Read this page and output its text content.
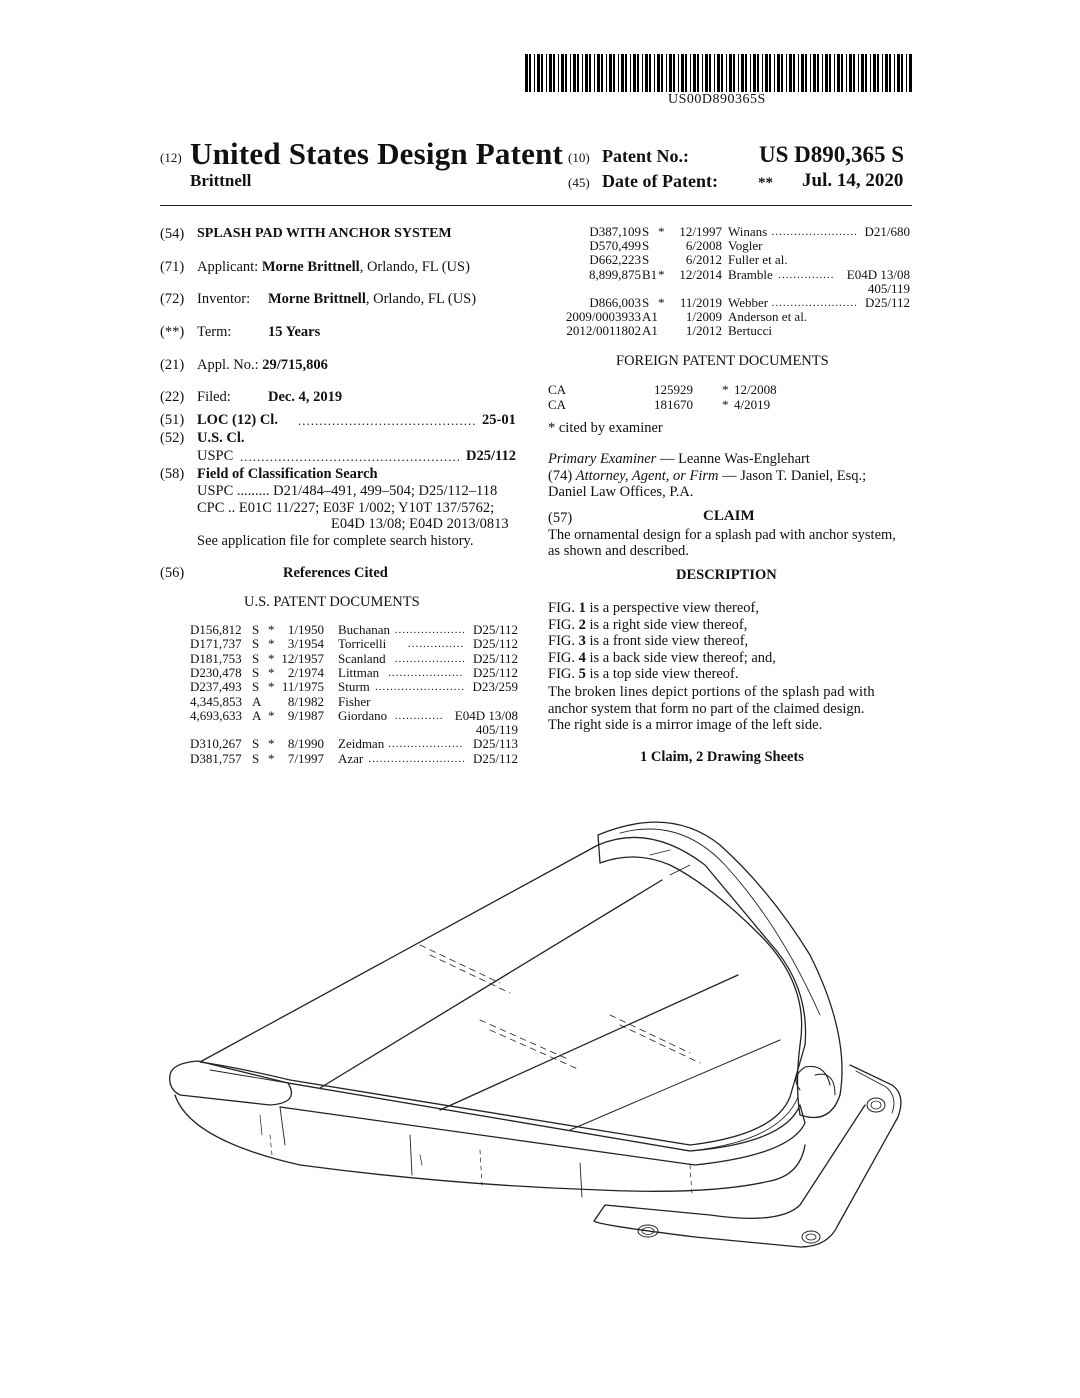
US00D890365S
(12) United States Design Patent
Brittnell
(10) Patent No.:	US D890,365 S
(45) Date of Patent:	** Jul. 14, 2020
(54) SPLASH PAD WITH ANCHOR SYSTEM
(71) Applicant: Morne Brittnell, Orlando, FL (US)
(72) Inventor: Morne Brittnell, Orlando, FL (US)
(**) Term:	15 Years
(21) Appl. No.: 29/715,806
(22) Filed:	Dec. 4, 2019
(51) LOC (12) Cl. .....	25-01
(52) U.S. Cl.
USPC .....	D25/112
(58) Field of Classification Search
USPC ......... D21/484–491, 499–504; D25/112–118
CPC .. E01C 11/227; E03F 1/002; Y10T 137/5762;
E04D 13/08; E04D 2013/0813
See application file for complete search history.
(56)	References Cited
U.S. PATENT DOCUMENTS
D156,812 S * 1/1950 Buchanan	D25/112
.....
D171,737 S * 3/1954 Torricelli	D25/112
.....
D181,753 S * 12/1957 Scanland	D25/112
.....
D230,478 S * 2/1974 Littman	D25/112
.....
D237,493 S * 11/1975 Sturm	D23/259
.....
4,345,853 A 8/1982 Fisher
4,693,633 A * 9/1987 Giordano	E04D 13/08
.....
405/119
D310,267 S * 8/1990 Zeidman	D25/113
.....
D381,757 S * 7/1997 Azar	D25/112
.....
D387,109 S * 12/1997 Winans	D21/680
.....
D570,499 S	6/2008 Vogler
D662,223 S	6/2012 Fuller et al.
8,899,875 B1 * 12/2014 Bramble	E04D 13/08
.....
405/119
D866,003 S * 11/2019 Webber	D25/112
.....
2009/0003933 A1 1/2009 Anderson et al.
2012/0011802 A1 1/2012 Bertucci
FOREIGN PATENT DOCUMENTS
CA	125929 * 12/2008
CA	181670 * 4/2019
* cited by examiner
Primary Examiner — Leanne Was-Englehart
(74) Attorney, Agent, or Firm — Jason T. Daniel, Esq.;
Daniel Law Offices, P.A.
(57)	CLAIM
The ornamental design for a splash pad with anchor system,
as shown and described.
DESCRIPTION
FIG. 1 is a perspective view thereof,
FIG. 2 is a right side view thereof,
FIG. 3 is a front side view thereof,
FIG. 4 is a back side view thereof; and,
FIG. 5 is a top side view thereof.
The broken lines depict portions of the splash pad with
anchor system that form no part of the claimed design.
The right side is a mirror image of the left side.
1 Claim, 2 Drawing Sheets
